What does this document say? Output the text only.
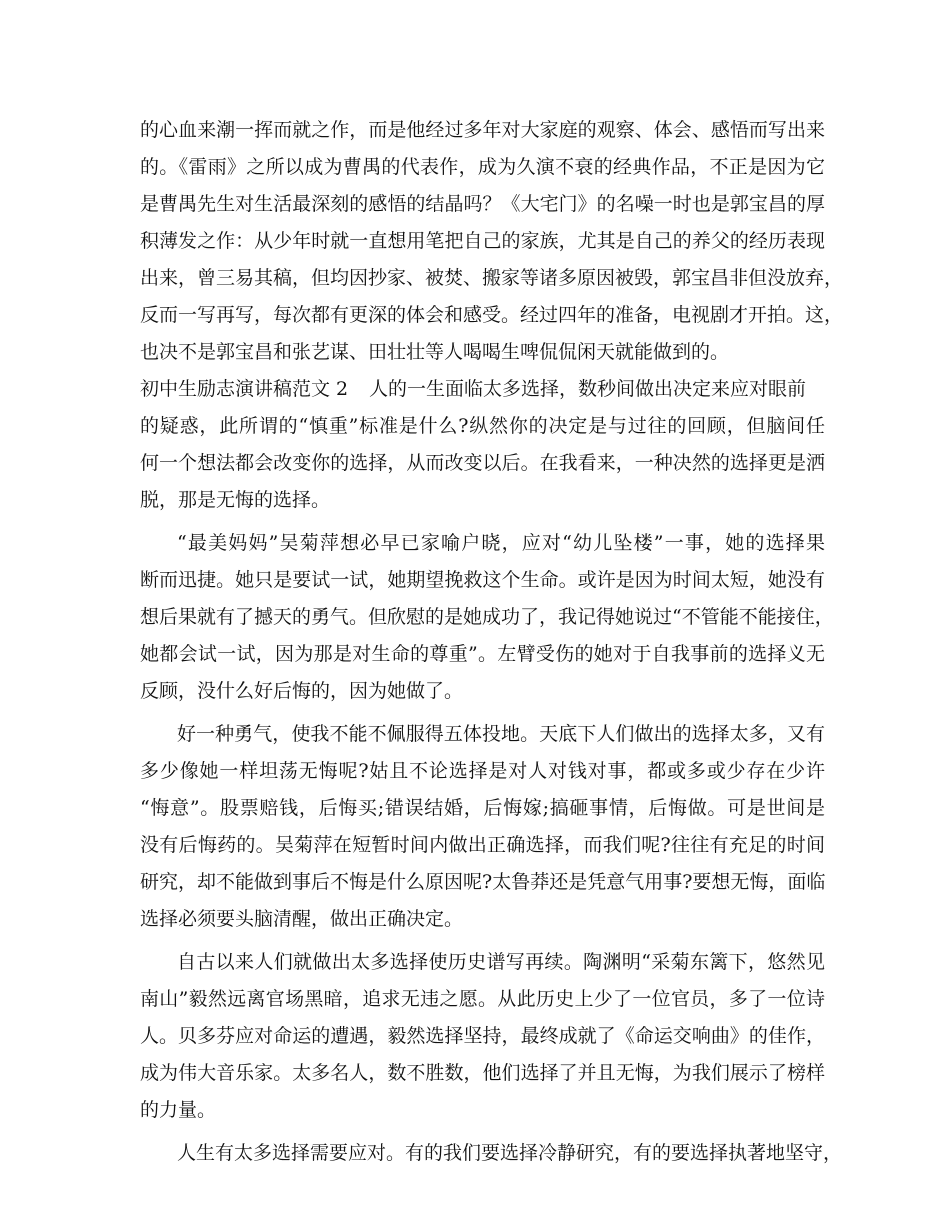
的心血来潮一挥而就之作，而是他经过多年对大家庭的观察、体会、感悟而写出来
的。《雷雨》之所以成为曹禺的代表作，成为久演不衰的经典作品，不正是因为它
是曹禺先生对生活最深刻的感悟的结晶吗？《大宅门》的名噪一时也是郭宝昌的厚
积薄发之作：从少年时就一直想用笔把自己的家族，尤其是自己的养父的经历表现
出来，曾三易其稿，但均因抄家、被焚、搬家等诸多原因被毁，郭宝昌非但没放弃，
反而一写再写，每次都有更深的体会和感受。经过四年的准备，电视剧才开拍。这，
也决不是郭宝昌和张艺谋、田壮壮等人喝喝生啤侃侃闲天就能做到的。
初中生励志演讲稿范文 2 人的一生面临太多选择，数秒间做出决定来应对眼前
的疑惑，此所谓的“慎重”标准是什么?纵然你的决定是与过往的回顾，但脑间任
何一个想法都会改变你的选择，从而改变以后。在我看来，一种决然的选择更是洒
脱，那是无悔的选择。
“最美妈妈”吴菊萍想必早已家喻户晓，应对“幼儿坠楼”一事，她的选择果
断而迅捷。她只是要试一试，她期望挽救这个生命。或许是因为时间太短，她没有
想后果就有了撼天的勇气。但欣慰的是她成功了，我记得她说过“不管能不能接住，
她都会试一试，因为那是对生命的尊重”。左臂受伤的她对于自我事前的选择义无
反顾，没什么好后悔的，因为她做了。
好一种勇气，使我不能不佩服得五体投地。天底下人们做出的选择太多，又有
多少像她一样坦荡无悔呢?姑且不论选择是对人对钱对事，都或多或少存在少许
“悔意”。股票赔钱，后悔买;错误结婚，后悔嫁;搞砸事情，后悔做。可是世间是
没有后悔药的。吴菊萍在短暂时间内做出正确选择，而我们呢?往往有充足的时间
研究，却不能做到事后不悔是什么原因呢?太鲁莽还是凭意气用事?要想无悔，面临
选择必须要头脑清醒，做出正确决定。
自古以来人们就做出太多选择使历史谱写再续。陶渊明“采菊东篱下，悠然见
南山”毅然远离官场黑暗，追求无违之愿。从此历史上少了一位官员，多了一位诗
人。贝多芬应对命运的遭遇，毅然选择坚持，最终成就了《命运交响曲》的佳作，
成为伟大音乐家。太多名人，数不胜数，他们选择了并且无悔，为我们展示了榜样
的力量。
人生有太多选择需要应对。有的我们要选择冷静研究，有的要选择执著地坚守，
